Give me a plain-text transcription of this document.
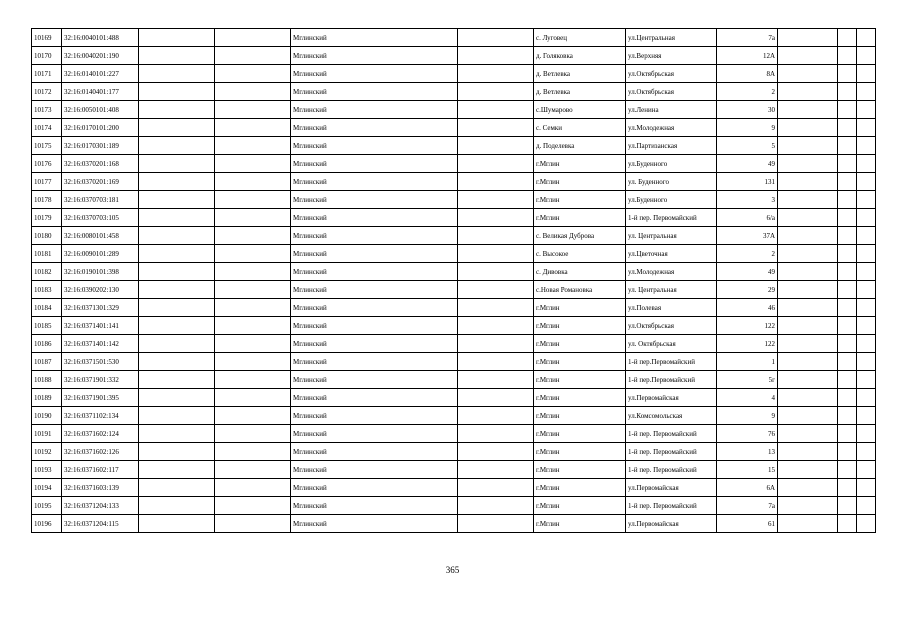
10169	32:16:0040101:488			Мглинский		с. Луговец	ул.Центральная	7а			
10170	32:16:0040201:190			Мглинский		д. Голяковка	ул.Верхняя	12А			
10171	32:16:0140101:227			Мглинский		д. Ветлевка	ул.Октябрьская	8А			
10172	32:16:0140401:177			Мглинский		д. Ветлевка	ул.Октябрьская	2			
10173	32:16:0050101:408			Мглинский		с.Шумарово	ул.Ленина	30			
10174	32:16:0170101:200			Мглинский		с. Семки	ул.Молодежная	9			
10175	32:16:0170301:189			Мглинский		д. Поделевка	ул.Партизанская	5			
10176	32:16:0370201:168			Мглинский		г.Мглин	ул.Буденного	49			
10177	32:16:0370201:169			Мглинский		г.Мглин	ул. Буденного	131			
10178	32:16:0370703:181			Мглинский		г.Мглин	ул.Буденного	3			
10179	32:16:0370703:105			Мглинский		г.Мглин	1-й пер. Первомайский	6/а			
10180	32:16:0080101:458			Мглинский		с. Великая Дуброва	ул. Центральная	37А			
10181	32:16:0090101:289			Мглинский		с. Высокое	ул.Цветочная	2			
10182	32:16:0190101:398			Мглинский		с. Дивовка	ул.Молодежная	49			
10183	32:16:0390202:130			Мглинский		с.Новая Романовка	ул. Центральная	29			
10184	32:16:0371301:329			Мглинский		г.Мглин	ул.Полевая	46			
10185	32:16:0371401:141			Мглинский		г.Мглин	ул.Октябрьская	122			
10186	32:16:0371401:142			Мглинский		г.Мглин	ул. Октябрьская	122			
10187	32:16:0371501:530			Мглинский		г.Мглин	1-й пер.Первомайский	1			
10188	32:16:0371901:332			Мглинский		г.Мглин	1-й пер.Первомайский	5г			
10189	32:16:0371901:395			Мглинский		г.Мглин	ул.Первомайская	4			
10190	32:16:0371102:134			Мглинский		г.Мглин	ул.Комсомольская	9			
10191	32:16:0371602:124			Мглинский		г.Мглин	1-й пер. Первомайский	76			
10192	32:16:0371602:126			Мглинский		г.Мглин	1-й пер. Первомайский	13			
10193	32:16:0371602:117			Мглинский		г.Мглин	1-й пер. Первомайский	15			
10194	32:16:0371603:139			Мглинский		г.Мглин	ул.Первомайская	6А			
10195	32:16:0371204:133			Мглинский		г.Мглин	1-й пер. Первомайский	7а			
10196	32:16:0371204:115			Мглинский		г.Мглин	ул.Первомайская	61			
365
